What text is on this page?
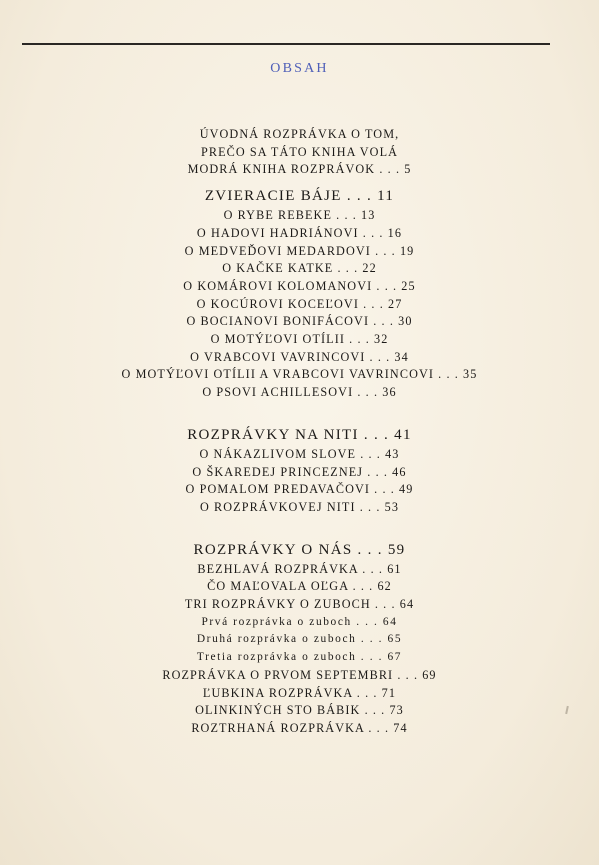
OBSAH
ÚVODNÁ ROZPRÁVKA O TOM,
PREČO SA TÁTO KNIHA VOLÁ
MODRÁ KNIHA ROZPRÁVOK . . . 5
ZVIERACIE BÁJE . . . 11
O RYBE REBEKE . . . 13
O HADOVI HADRIÁNOVI . . . 16
O MEDVEĎOVI MEDARDOVI . . . 19
O KAČKE KATKE . . . 22
O KOMÁROVI KOLOMANOVI . . . 25
O KOCÚROVI KOCEĽOVI . . . 27
O BOCIANOVI BONIFÁCOVI . . . 30
O MOTÝĽOVI OTÍLII . . . 32
O VRABCOVI VAVRINCOVI . . . 34
O MOTÝĽOVI OTÍLII A VRABCOVI VAVRINCOVI . . . 35
O PSOVI ACHILLESOVI . . . 36
ROZPRÁVKY NA NITI . . . 41
O NÁKAZLIVOM SLOVE . . . 43
O ŠKAREDEJ PRINCEZNEJ . . . 46
O POMALOM PREDAVAČOVI . . . 49
O ROZPRÁVKOVEJ NITI . . . 53
ROZPRÁVKY O NÁS . . . 59
BEZHLAVÁ ROZPRÁVKA . . . 61
ČO MAĽOVALA OĽGA . . . 62
TRI ROZPRÁVKY O ZUBOCH . . . 64
Prvá rozprávka o zuboch . . . 64
Druhá rozprávka o zuboch . . . 65
Tretia rozprávka o zuboch . . . 67
ROZPRÁVKA O PRVOM SEPTEMBRI . . . 69
ĽUBKINA ROZPRÁVKA . . . 71
OLINKINÝCH STO BÁBIK . . . 73
ROZTRHANÁ ROZPRÁVKA . . . 74
